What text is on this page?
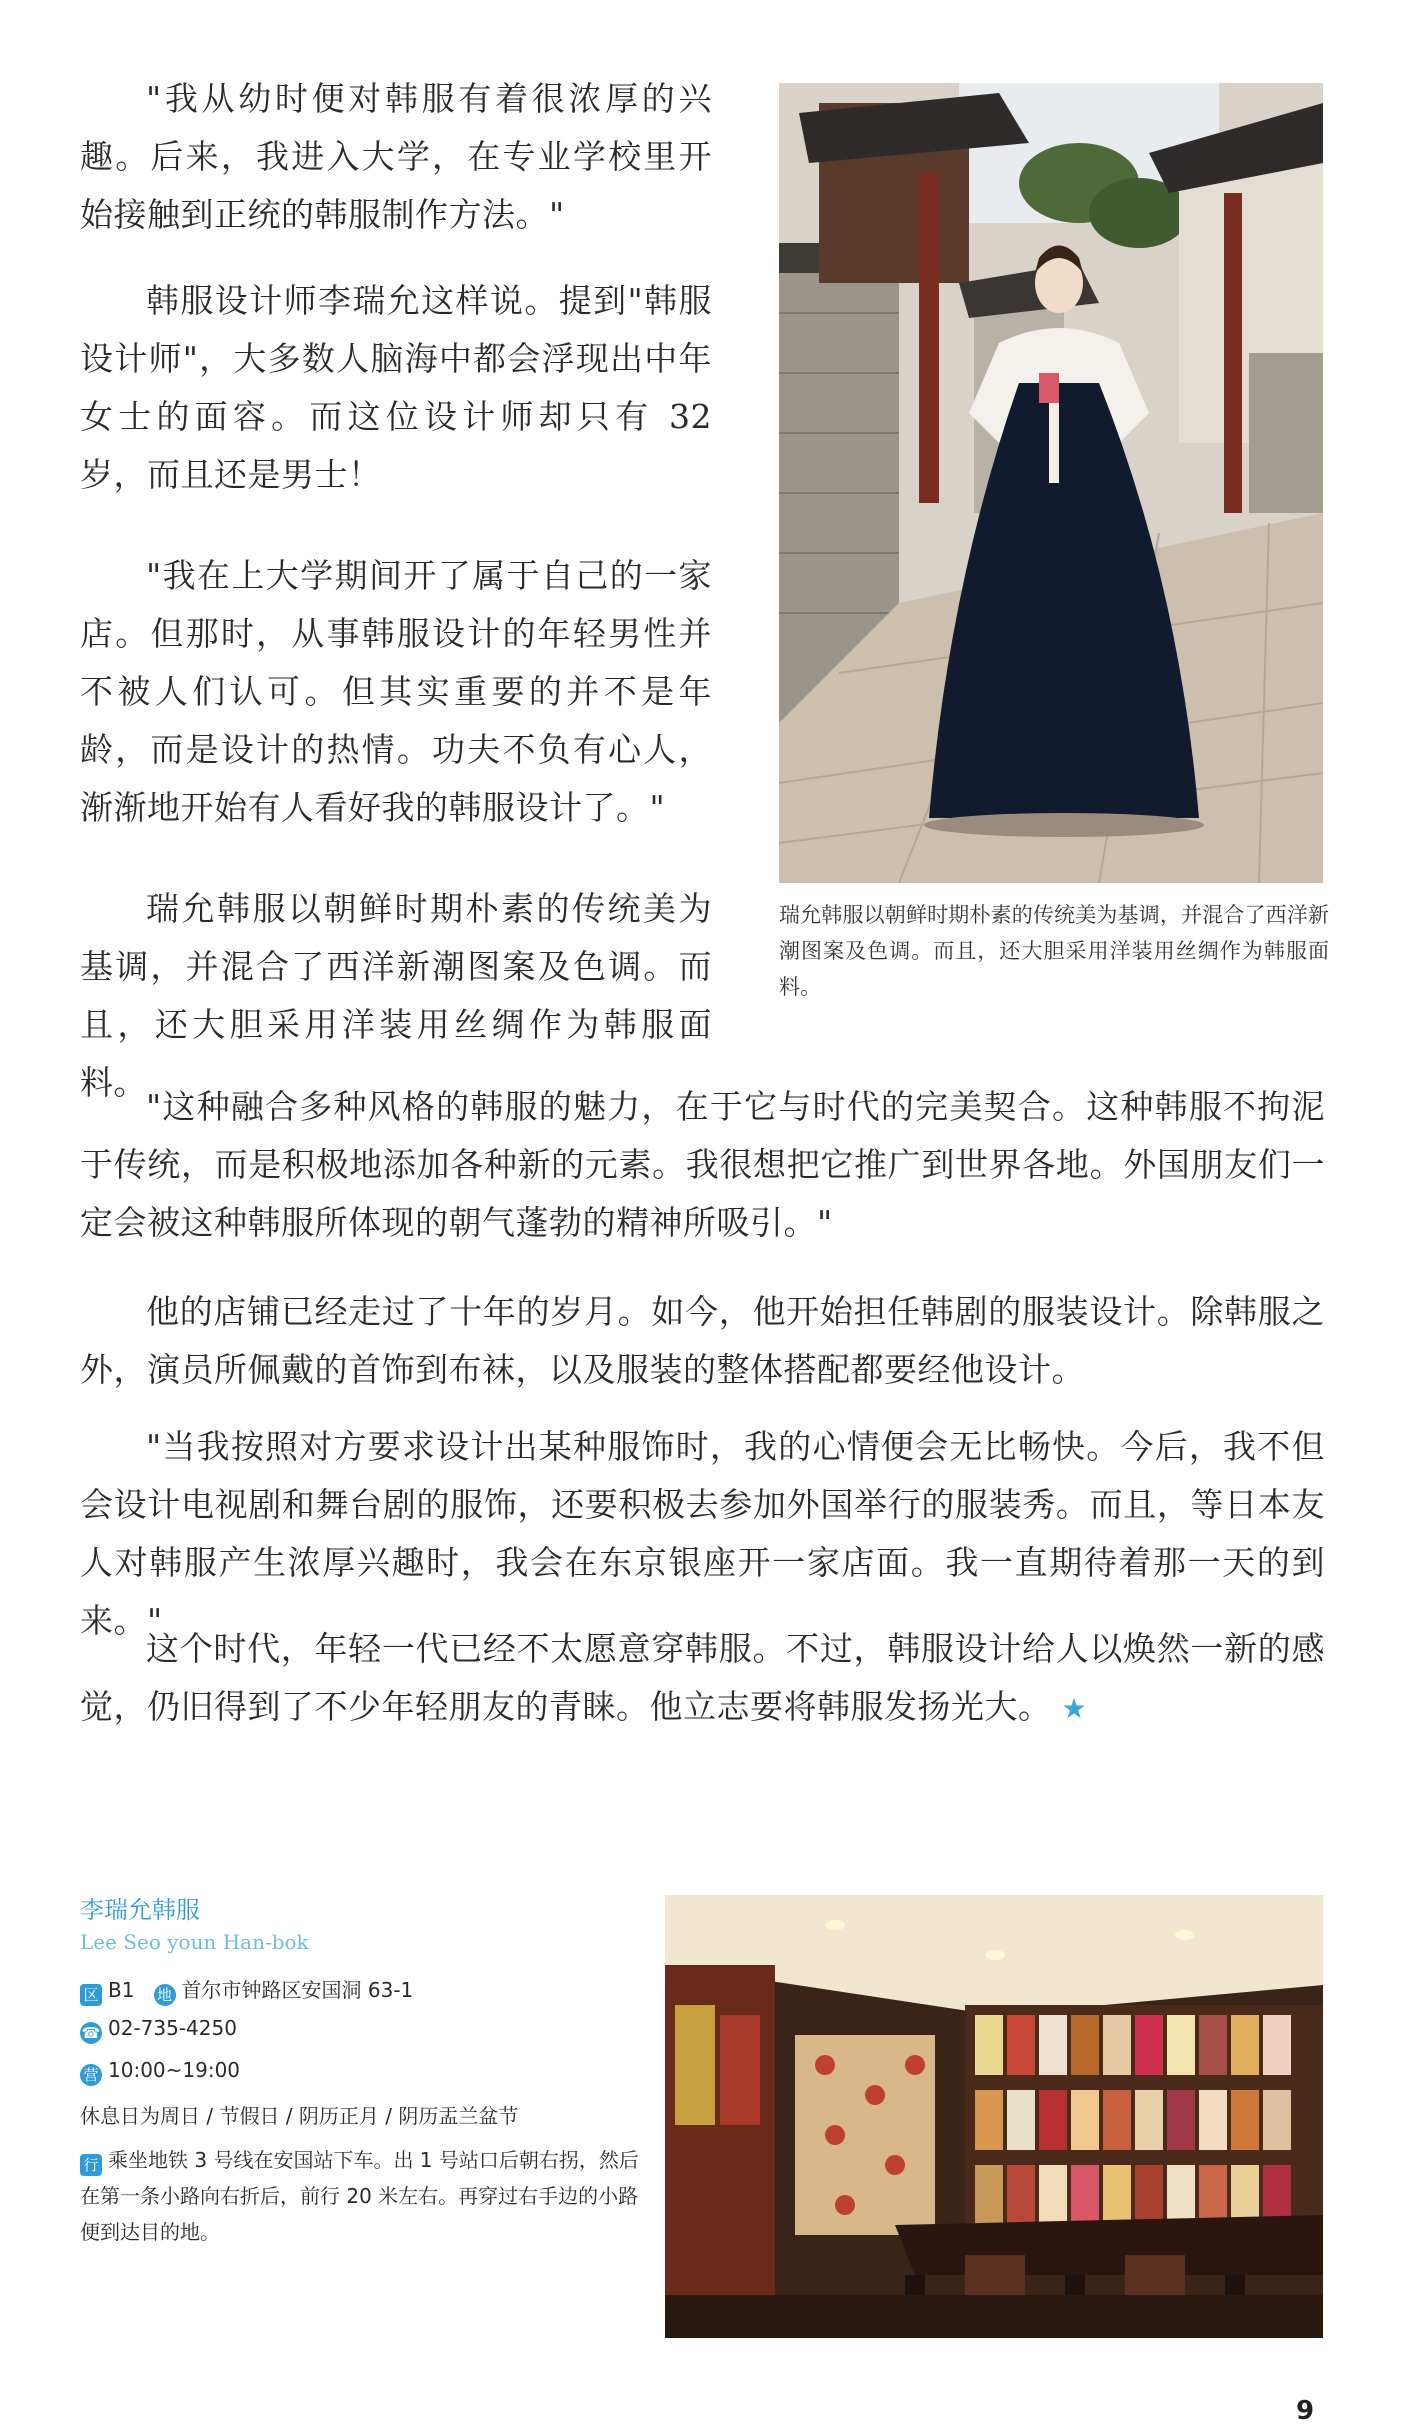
"我从幼时便对韩服有着很浓厚的兴趣。后来，我进入大学，在专业学校里开始接触到正统的韩服制作方法。"

韩服设计师李瑞允这样说。提到"韩服设计师"，大多数人脑海中都会浮现出中年女士的面容。而这位设计师却只有 32 岁，而且还是男士！

"我在上大学期间开了属于自己的一家店。但那时，从事韩服设计的年轻男性并不被人们认可。但其实重要的并不是年龄，而是设计的热情。功夫不负有心人，渐渐地开始有人看好我的韩服设计了。"

瑞允韩服以朝鲜时期朴素的传统美为基调，并混合了西洋新潮图案及色调。而且，还大胆采用洋装用丝绸作为韩服面料。

"这种融合多种风格的韩服的魅力，在于它与时代的完美契合。这种韩服不拘泥于传统，而是积极地添加各种新的元素。我很想把它推广到世界各地。外国朋友们一定会被这种韩服所体现的朝气蓬勃的精神所吸引。"

他的店铺已经走过了十年的岁月。如今，他开始担任韩剧的服装设计。除韩服之外，演员所佩戴的首饰到布袜，以及服装的整体搭配都要经他设计。

"当我按照对方要求设计出某种服饰时，我的心情便会无比畅快。今后，我不但会设计电视剧和舞台剧的服饰，还要积极去参加外国举行的服装秀。而且，等日本友人对韩服产生浓厚兴趣时，我会在东京银座开一家店面。我一直期待着那一天的到来。"

这个时代，年轻一代已经不太愿意穿韩服。不过，韩服设计给人以焕然一新的感觉，仍旧得到了不少年轻朋友的青睐。他立志要将韩服发扬光大。 ★

瑞允韩服以朝鲜时期朴素的传统美为基调，并混合了西洋新潮图案及色调。而且，还大胆采用洋装用丝绸作为韩服面料。

李瑞允韩服
Lee Seo youn Han-bok
区 B1 地 首尔市钟路区安国洞 63-1
☎ 02-735-4250
营 10:00~19:00
休息日为周日 / 节假日 / 阴历正月 / 阴历盂兰盆节
行 乘坐地铁 3 号线在安国站下车。出 1 号站口后朝右拐，然后在第一条小路向右折后，前行 20 米左右。再穿过右手边的小路便到达目的地。
9
